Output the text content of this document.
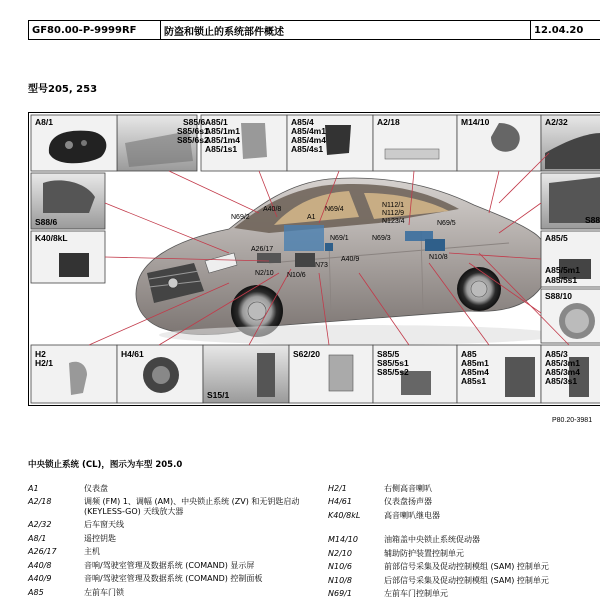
GF80.00-P-9999RF	防盗和锁止的系统部件概述	12.04.20
型号205, 253
A8/1	S85/6
S85/6s1
S85/6s2
A85/1
A85/1m1
A85/1m4
A85/1s1
A85/4
A85/4m1
A85/4m4
A85/4s1
A2/18	M14/10	A2/32
S88/6	S88
K40/8kL	A85/5
A85/5m1
A85/5s1
S88/10
H2
H2/1
H4/61
S15/1
S62/20	S85/5
S85/5s1
S85/5s2
A85
A85m1
A85m4
A85s1
A85/3
A85/3m1
A85/3m4
A85/3s1
N69/2
A40/8	N69/4
A1
N112/1
N112/9
N123/4	N69/5
A26/17
N69/1	N69/3
N10/8
N2/10 N10/6
N73
A40/9
P80.20-3981
中央锁止系统 (CL)，图示为车型 205.0
A1	仪表盘
A2/18	调频 (FM) 1、调幅 (AM)、中央锁止系统 (ZV) 和无钥匙启动 (KEYLESS-GO) 天线放大器
A2/32	后车窗天线
A8/1	遥控钥匙
A26/17	主机
A40/8	音响/驾驶室管理及数据系统 (COMAND) 显示屏
A40/9	音响/驾驶室管理及数据系统 (COMAND) 控制面板
A85	左前车门锁
H2/1	右侧高音喇叭
H4/61	仪表盘扬声器
K40/8kL	高音喇叭继电器
M14/10	油箱盖中央锁止系统促动器
N2/10	辅助防护装置控制单元
N10/6	前部信号采集及促动控制模组 (SAM) 控制单元
N10/8	后部信号采集及促动控制模组 (SAM) 控制单元
N69/1	左前车门控制单元
